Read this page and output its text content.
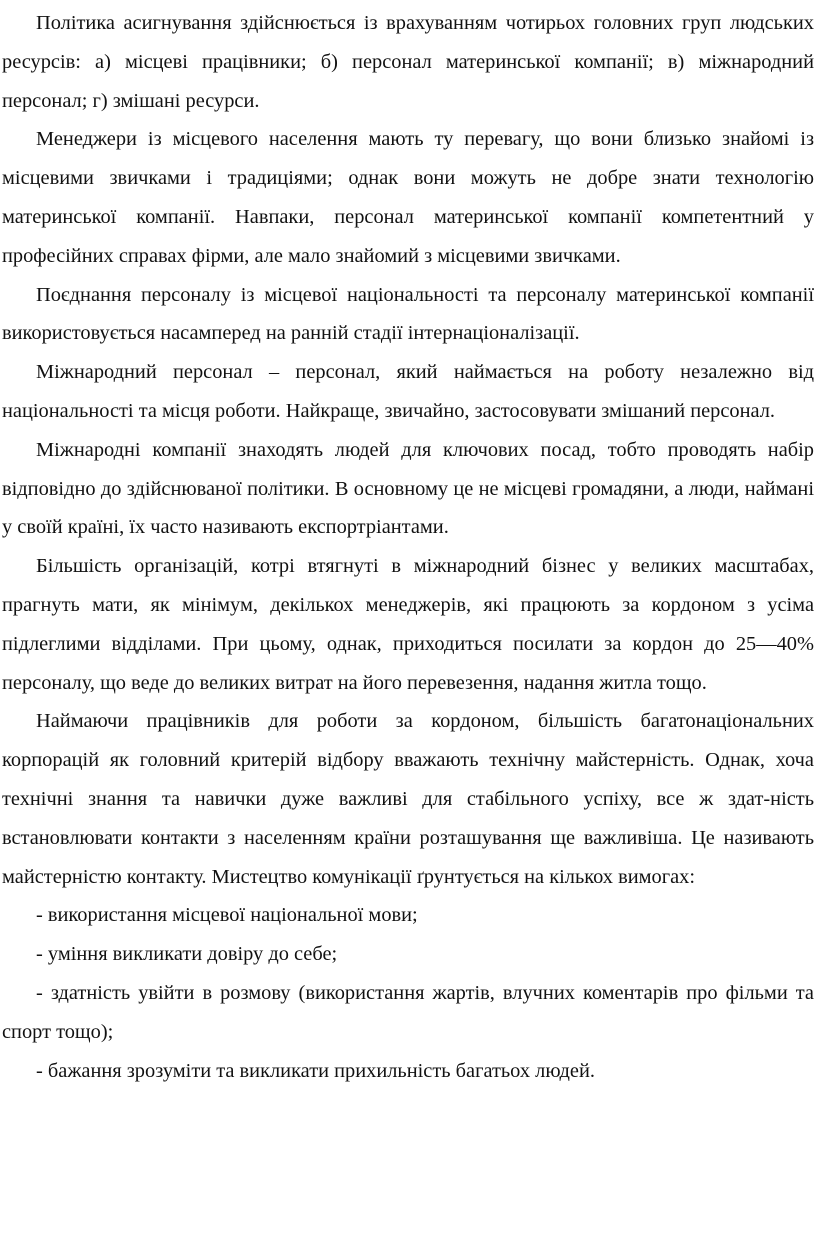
Політика асигнування здійснюється із врахуванням чотирьох головних груп людських ресурсів: а) місцеві працівники; б) персонал материнської компанії; в) міжнародний персонал; г) змішані ресурси.

Менеджери із місцевого населення мають ту перевагу, що вони близько знайомі із місцевими звичками і традиціями; однак вони можуть не добре знати технологію материнської компанії. Навпаки, персонал материнської компанії компетентний у професійних справах фірми, але мало знайомий з місцевими звичками.

Поєднання персоналу із місцевої національності та персоналу материнської компанії використовується насамперед на ранній стадії інтернаціоналізації.

Міжнародний персонал – персонал, який наймається на роботу незалежно від національності та місця роботи. Найкраще, звичайно, застосовувати змішаний персонал.

Міжнародні компанії знаходять людей для ключових посад, тобто проводять набір відповідно до здійснюваної політики. В основному це не місцеві громадяни, а люди, наймані у своїй країні, їх часто називають експортріантами.

Більшість організацій, котрі втягнуті в міжнародний бізнес у великих масштабах, прагнуть мати, як мінімум, декількох менеджерів, які працюють за кордоном з усіма підлеглими відділами. При цьому, однак, приходиться посилати за кордон до 25—40% персоналу, що веде до великих витрат на його перевезення, надання житла тощо.

Наймаючи працівників для роботи за кордоном, більшість багатонаціональних корпорацій як головний критерій відбору вважають технічну майстерність. Однак, хоча технічні знання та навички дуже важливі для стабільного успіху, все ж здат-ність встановлювати контакти з населенням країни розташування ще важливіша. Це називають майстерністю контакту. Мистецтво комунікації ґрунтується на кількох вимогах:

- використання місцевої національної мови;

- уміння викликати довіру до себе;

- здатність увійти в розмову (використання жартів, влучних коментарів про фільми та спорт тощо);

- бажання зрозуміти та викликати прихильність багатьох людей.
